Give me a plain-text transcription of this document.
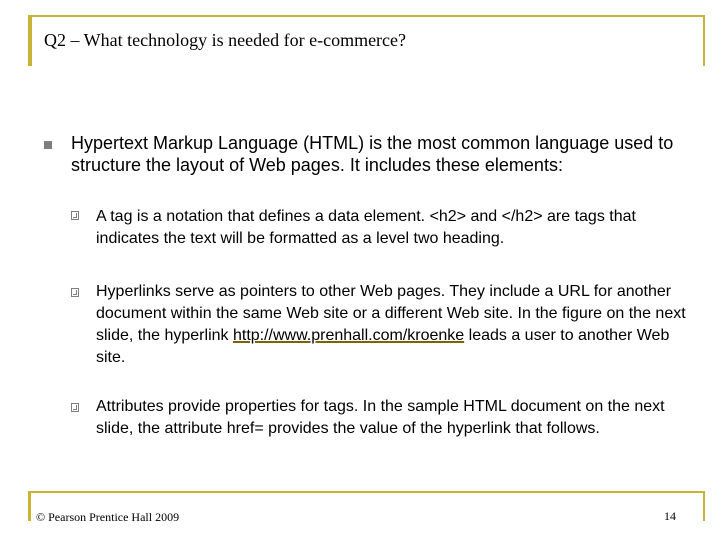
Q2 – What technology is needed for e-commerce?

Hypertext Markup Language (HTML) is the most common language used to structure the layout of Web pages. It includes these elements:

A tag is a notation that defines a data element. <h2> and </h2> are tags that indicates the text will be formatted as a level two heading.

Hyperlinks serve as pointers to other Web pages. They include a URL for another document within the same Web site or a different Web site. In the figure on the next slide, the hyperlink http://www.prenhall.com/kroenke leads a user to another Web site.

Attributes provide properties for tags. In the sample HTML document on the next slide, the attribute href= provides the value of the hyperlink that follows.

© Pearson Prentice Hall 2009	14
